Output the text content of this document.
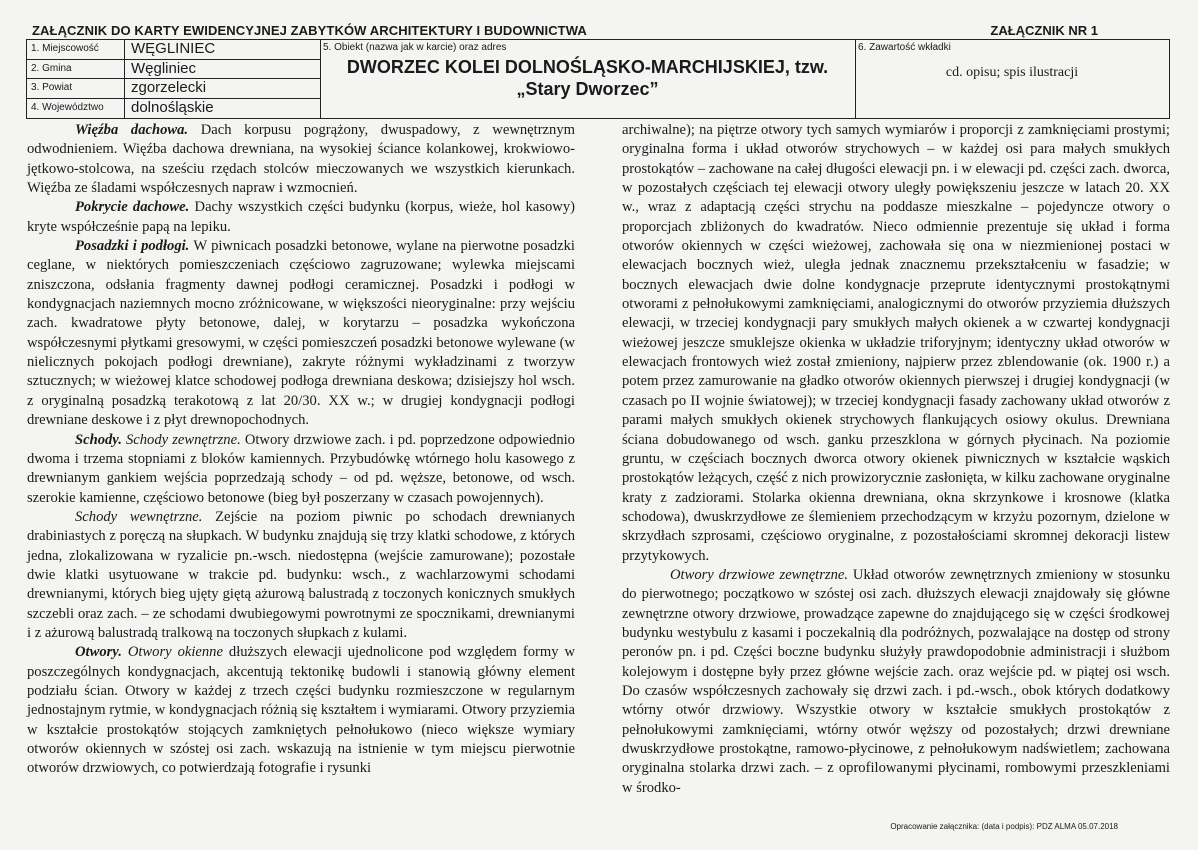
ZAŁĄCZNIK DO KARTY EWIDENCYJNEJ ZABYTKÓW ARCHITEKTURY I BUDOWNICTWA	ZAŁĄCZNIK NR 1
1. Miejscowość WĘGLINIEC
2. Gmina	Węgliniec
3. Powiat	zgorzelecki
4. Województwo dolnośląskie
5. Obiekt (nazwa jak w karcie) oraz adres
DWORZEC KOLEI DOLNOŚLĄSKO-MARCHIJSKIEJ, tzw.
„Stary Dworzec”
6. Zawartość wkładki
cd. opisu; spis ilustracji

Więźba dachowa. Dach korpusu pogrążony, dwuspadowy, z wewnętrznym odwodnieniem. Więźba dachowa drewniana, na wysokiej ściance kolankowej, krokwiowo-jętkowo-stolcowa, na sześciu rzędach stolców mieczowanych we wszystkich kierunkach. Więźba ze śladami współczesnych napraw i wzmocnień.

Pokrycie dachowe. Dachy wszystkich części budynku (korpus, wieże, hol kasowy) kryte współcześnie papą na lepiku.

Posadzki i podłogi. W piwnicach posadzki betonowe, wylane na pierwotne posadzki ceglane, w niektórych pomieszczeniach częściowo zagruzowane; wylewka miejscami zniszczona, odsłania fragmenty dawnej podłogi ceramicznej. Posadzki i podłogi w kondygnacjach naziemnych mocno zróżnicowane, w większości nieoryginalne: przy wejściu zach. kwadratowe płyty betonowe, dalej, w korytarzu – posadzka wykończona współczesnymi płytkami gresowymi, w części pomieszczeń posadzki betonowe wylewane (w nielicznych pokojach podłogi drewniane), zakryte różnymi wykładzinami z tworzyw sztucznych; w wieżowej klatce schodowej podłoga drewniana deskowa; dzisiejszy hol wsch. z oryginalną posadzką terakotową z lat 20/30. XX w.; w drugiej kondygnacji podłogi drewniane deskowe i z płyt drewnopochodnych.

Schody. Schody zewnętrzne. Otwory drzwiowe zach. i pd. poprzedzone odpowiednio dwoma i trzema stopniami z bloków kamiennych. Przybudówkę wtórnego holu kasowego z drewnianym gankiem wejścia poprzedzają schody – od pd. węższe, betonowe, od wsch. szerokie kamienne, częściowo betonowe (bieg był poszerzany w czasach powojennych).

Schody wewnętrzne. Zejście na poziom piwnic po schodach drewnianych drabiniastych z poręczą na słupkach. W budynku znajdują się trzy klatki schodowe, z których jedna, zlokalizowana w ryzalicie pn.-wsch. niedostępna (wejście zamurowane); pozostałe dwie klatki usytuowane w trakcie pd. budynku: wsch., z wachlarzowymi schodami drewnianymi, których bieg ujęty giętą ażurową balustradą z toczonych konicznych smukłych szczebli oraz zach. – ze schodami dwubiegowymi powrotnymi ze spocznikami, drewnianymi i z ażurową balustradą tralkową na toczonych słupkach z kulami.

Otwory. Otwory okienne dłuższych elewacji ujednolicone pod względem formy w poszczególnych kondygnacjach, akcentują tektonikę budowli i stanowią główny element podziału ścian. Otwory w każdej z trzech części budynku rozmieszczone w regularnym jednostajnym rytmie, w kondygnacjach różnią się kształtem i wymiarami. Otwory przyziemia w kształcie prostokątów stojących zamkniętych pełnołukowo (nieco większe wymiary otworów okiennych w szóstej osi zach. wskazują na istnienie w tym miejscu pierwotnie otworów drzwiowych, co potwierdzają fotografie i rysunki

archiwalne); na piętrze otwory tych samych wymiarów i proporcji z zamknięciami prostymi; oryginalna forma i układ otworów strychowych – w każdej osi para małych smukłych prostokątów – zachowane na całej długości elewacji pn. i w elewacji pd. części zach. dworca, w pozostałych częściach tej elewacji otwory uległy powiększeniu jeszcze w latach 20. XX w., wraz z adaptacją części strychu na poddasze mieszkalne – pojedyncze otwory o proporcjach zbliżonych do kwadratów. Nieco odmiennie prezentuje się układ i forma otworów okiennych w części wieżowej, zachowała się ona w niezmienionej postaci w elewacjach bocznych wież, uległa jednak znacznemu przekształceniu w fasadzie; w bocznych elewacjach dwie dolne kondygnacje przeprute identycznymi prostokątnymi otworami z pełnołukowymi zamknięciami, analogicznymi do otworów przyziemia dłuższych elewacji, w trzeciej kondygnacji pary smukłych małych okienek a w czwartej kondygnacji wieżowej jeszcze smuklejsze okienka w układzie triforyjnym; identyczny układ otworów w elewacjach frontowych wież został zmieniony, najpierw przez zblendowanie (ok. 1900 r.) a potem przez zamurowanie na gładko otworów okiennych pierwszej i drugiej kondygnacji (w czasach po II wojnie światowej); w trzeciej kondygnacji fasady zachowany układ otworów z parami małych smukłych okienek strychowych flankujących osiowy okulus. Drewniana ściana dobudowanego od wsch. ganku przeszklona w górnych płycinach. Na poziomie gruntu, w częściach bocznych dworca otwory okienek piwnicznych w kształcie wąskich prostokątów leżących, część z nich prowizorycznie zasłonięta, w kilku zachowane oryginalne kraty z zadziorami. Stolarka okienna drewniana, okna skrzynkowe i krosnowe (klatka schodowa), dwuskrzydłowe ze ślemieniem przechodzącym w krzyżu pozornym, dzielone w skrzydłach szprosami, częściowo oryginalne, z pozostałościami skromnej dekoracji listew przytykowych.

Otwory drzwiowe zewnętrzne. Układ otworów zewnętrznych zmieniony w stosunku do pierwotnego; początkowo w szóstej osi zach. dłuższych elewacji znajdowały się główne zewnętrzne otwory drzwiowe, prowadzące zapewne do znajdującego się w części środkowej budynku westybulu z kasami i poczekalnią dla podróżnych, pozwalające na dostęp od strony peronów pn. i pd. Części boczne budynku służyły prawdopodobnie administracji i służbom kolejowym i dostępne były przez główne wejście zach. oraz wejście pd. w piątej osi wsch. Do czasów współczesnych zachowały się drzwi zach. i pd.-wsch., obok których dodatkowy wtórny otwór drzwiowy. Wszystkie otwory w kształcie smukłych prostokątów z pełnołukowymi zamknięciami, wtórny otwór węższy od pozostałych; drzwi drewniane dwuskrzydłowe prostokątne, ramowo-płycinowe, z pełnołukowym nadświetlem; zachowana oryginalna stolarka drzwi zach. – z oprofilowanymi płycinami, rombowymi przeszkleniami w środko-

Opracowanie załącznika: (data i podpis): PDZ ALMA 05.07.2018
